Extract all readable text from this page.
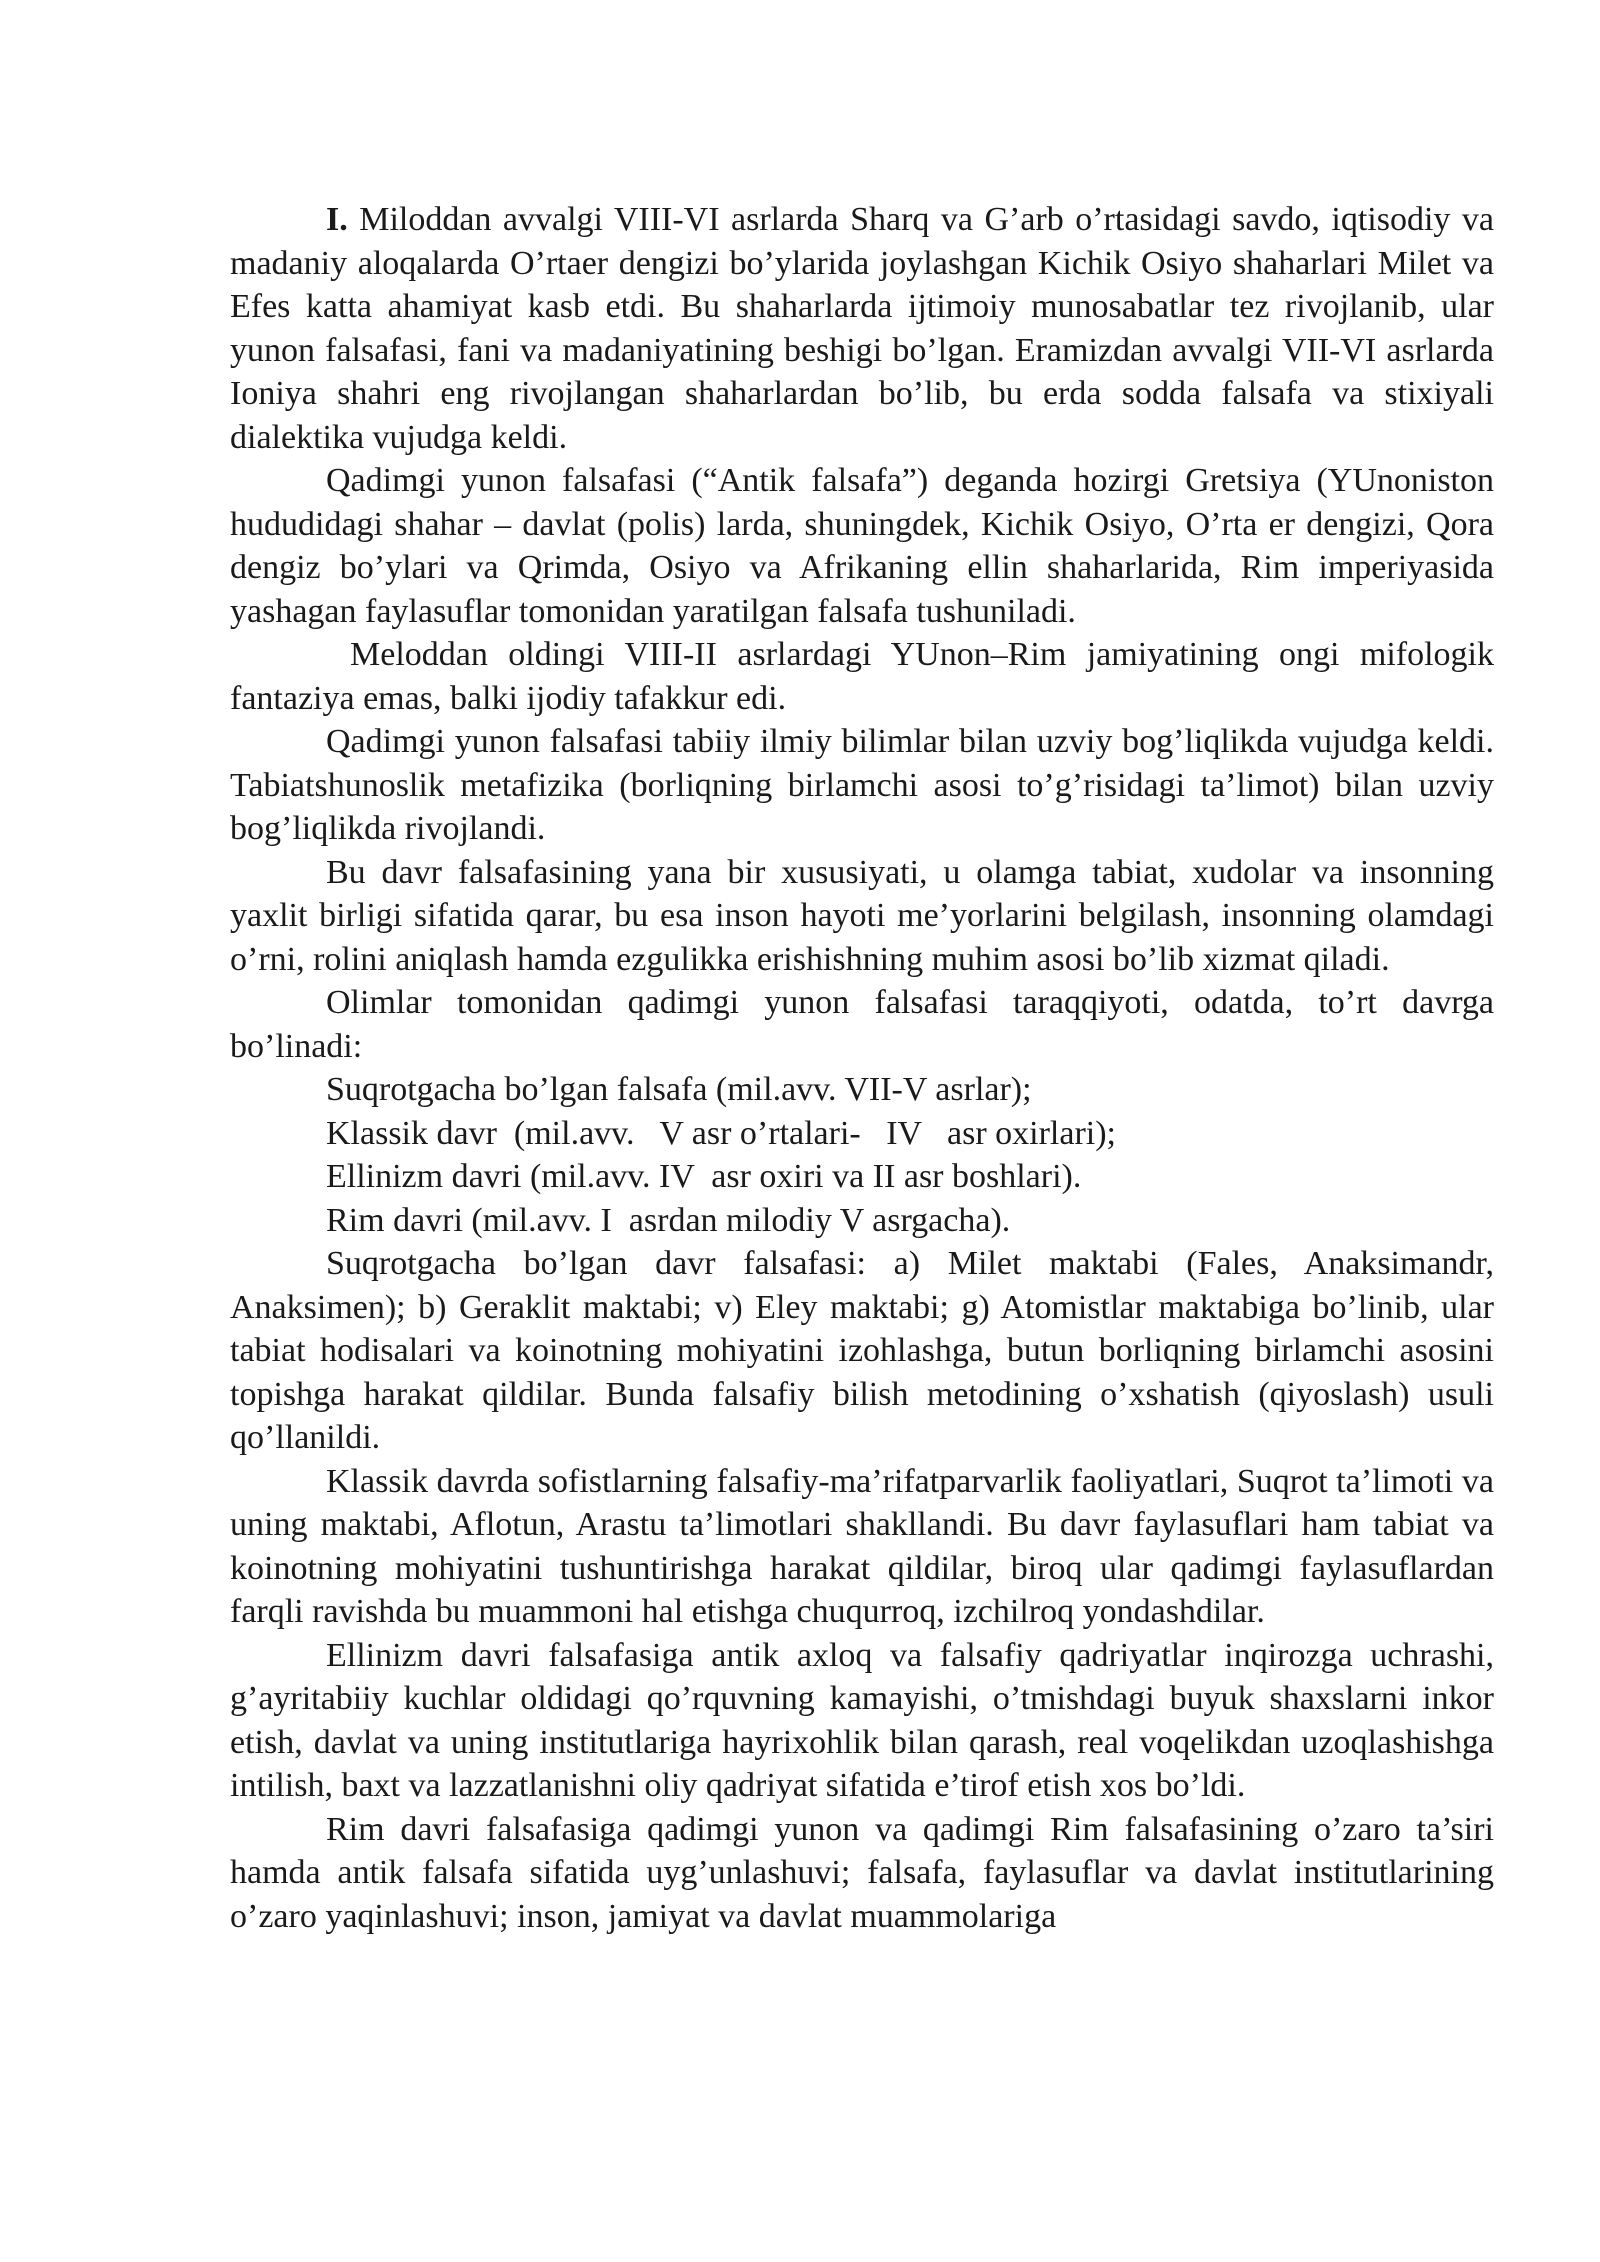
I. Miloddan avvalgi VIII-VI asrlarda Sharq va G’arb o’rtasidagi savdo, iqtisodiy va madaniy aloqalarda O’rtaer dengizi bo’ylarida joylashgan Kichik Osiyo shaharlari Milet va Efes katta ahamiyat kasb etdi. Bu shaharlarda ijtimoiy munosabatlar tez rivojlanib, ular yunon falsafasi, fani va madaniyatining beshigi bo’lgan. Eramizdan avvalgi VII-VI asrlarda Ioniya shahri eng rivojlangan shaharlardan bo’lib, bu erda sodda falsafa va stixiyali dialektika vujudga keldi.

Qadimgi yunon falsafasi (“Antik falsafa”) deganda hozirgi Gretsiya (YUnoniston hududidagi shahar – davlat (polis) larda, shuningdek, Kichik Osiyo, O’rta er dengizi, Qora dengiz bo’ylari va Qrimda, Osiyo va Afrikaning ellin shaharlarida, Rim imperiyasida yashagan faylasuflar tomonidan yaratilgan falsafa tushuniladi.

Meloddan oldingi VIII-II asrlardagi YUnon–Rim jamiyatining ongi mifologik fantaziya emas, balki ijodiy tafakkur edi.

Qadimgi yunon falsafasi tabiiy ilmiy bilimlar bilan uzviy bog’liqlikda vujudga keldi. Tabiatshunoslik metafizika (borliqning birlamchi asosi to’g’risidagi ta’limot) bilan uzviy bog’liqlikda rivojlandi.

Bu davr falsafasining yana bir xususiyati, u olamga tabiat, xudolar va insonning yaxlit birligi sifatida qarar, bu esa inson hayoti me’yorlarini belgilash, insonning olamdagi o’rni, rolini aniqlash hamda ezgulikka erishishning muhim asosi bo’lib xizmat qiladi.

Olimlar tomonidan qadimgi yunon falsafasi taraqqiyoti, odatda, to’rt davrga bo’linadi:

Suqrotgacha bo’lgan falsafa (mil.avv. VII-V asrlar);
Klassik davr  (mil.avv.   V asr o’rtalari-   IV   asr oxirlari);
Ellinizm davri (mil.avv. IV  asr oxiri va II asr boshlari).
Rim davri (mil.avv. I  asrdan milodiy V asrgacha).

Suqrotgacha bo’lgan davr falsafasi: a) Milet maktabi (Fales, Anaksimandr, Anaksimen); b) Geraklit maktabi; v) Eley maktabi; g) Atomistlar maktabiga bo’linib, ular tabiat hodisalari va koinotning mohiyatini izohlashga, butun borliqning birlamchi asosini topishga harakat qildilar. Bunda falsafiy bilish metodining o’xshatish (qiyoslash) usuli qo’llanildi.

Klassik davrda sofistlarning falsafiy-ma’rifatparvarlik faoliyatlari, Suqrot ta’limoti va uning maktabi, Aflotun, Arastu ta’limotlari shakllandi. Bu davr faylasuflari ham tabiat va koinotning mohiyatini tushuntirishga harakat qildilar, biroq ular qadimgi faylasuflardan farqli ravishda bu muammoni hal etishga chuqurroq, izchilroq yondashdilar.

Ellinizm davri falsafasiga antik axloq va falsafiy qadriyatlar inqirozga uchrashi, g’ayritabiiy kuchlar oldidagi qo’rquvning kamayishi, o’tmishdagi buyuk shaxslarni inkor etish, davlat va uning institutlariga hayrixohlik bilan qarash, real voqelikdan uzoqlashishga intilish, baxt va lazzatlanishni oliy qadriyat sifatida e’tirof etish xos bo’ldi.

Rim davri falsafasiga qadimgi yunon va qadimgi Rim falsafasining o’zaro ta’siri hamda antik falsafa sifatida uyg’unlashuvi; falsafa, faylasuflar va davlat institutlarining o’zaro yaqinlashuvi; inson, jamiyat va davlat muammolariga
